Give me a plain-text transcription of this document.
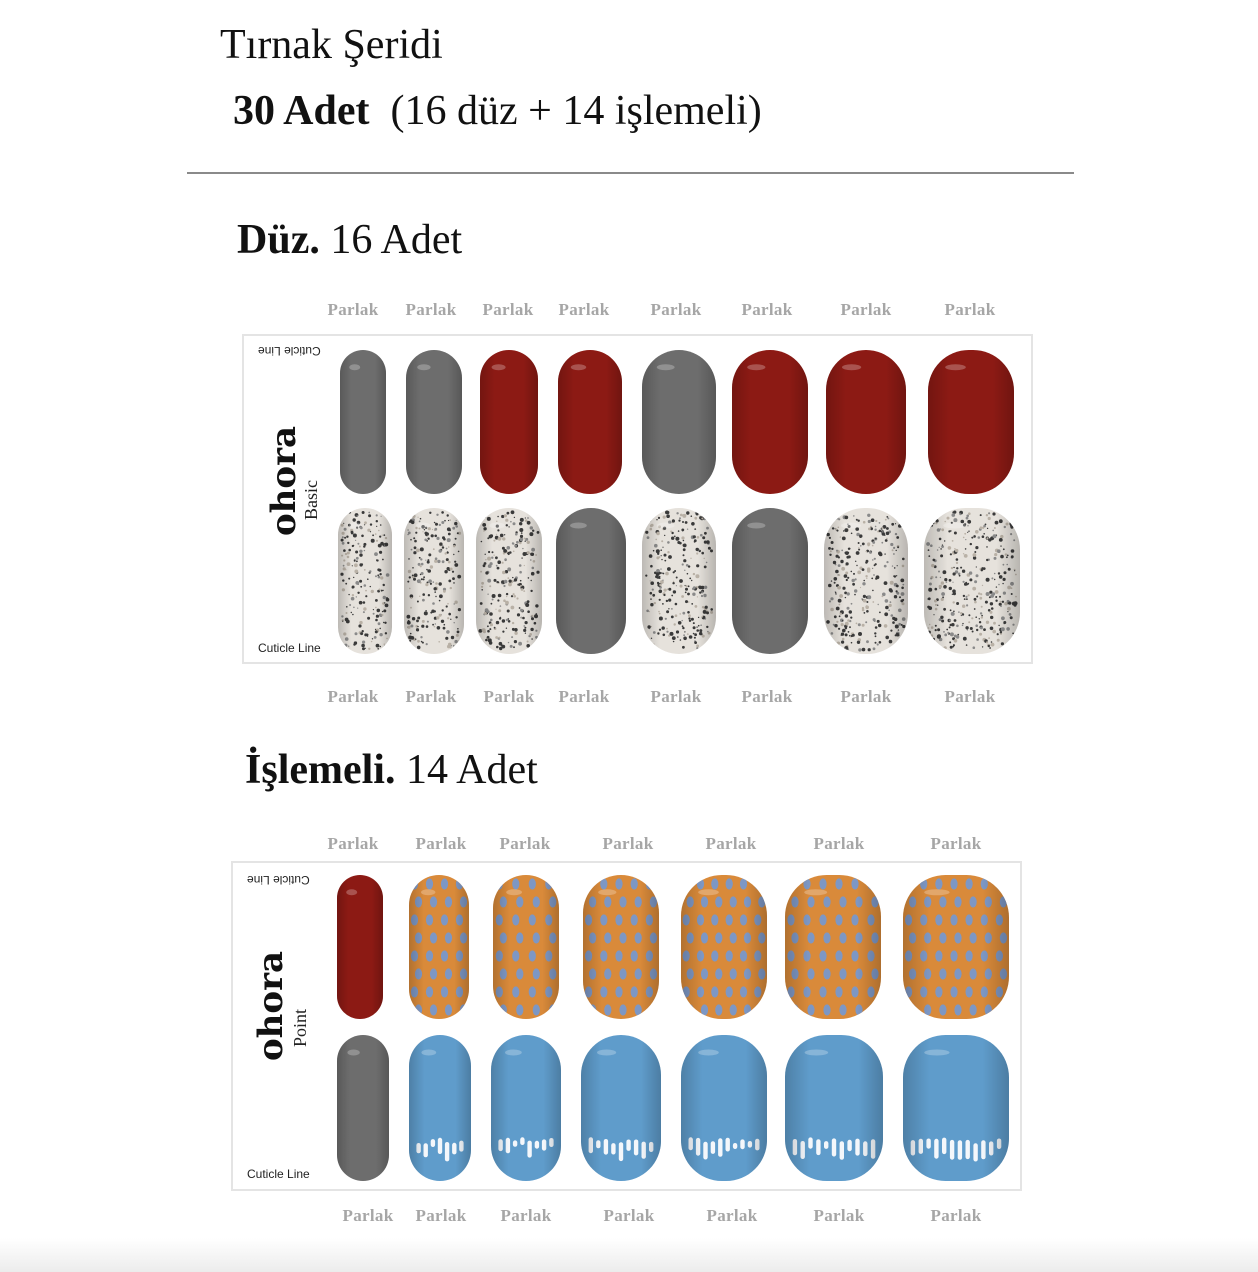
Tırnak Şeridi
30 Adet (16 düz + 14 işlemeli)
Düz. 16 Adet
İşlemeli. 14 Adet
Cuticle Line
Cuticle Line
ohora
Basic
Cuticle Line
Cuticle Line
ohora Point
Parlak Parlak Parlak Parlak Parlak Parlak	Parlak	Parlak
Parlak Parlak Parlak Parlak Parlak Parlak	Parlak	Parlak
Parlak Parlak Parlak	Parlak	Parlak	Parlak	Parlak
Parlak Parlak Parlak	Parlak	Parlak	Parlak	Parlak
